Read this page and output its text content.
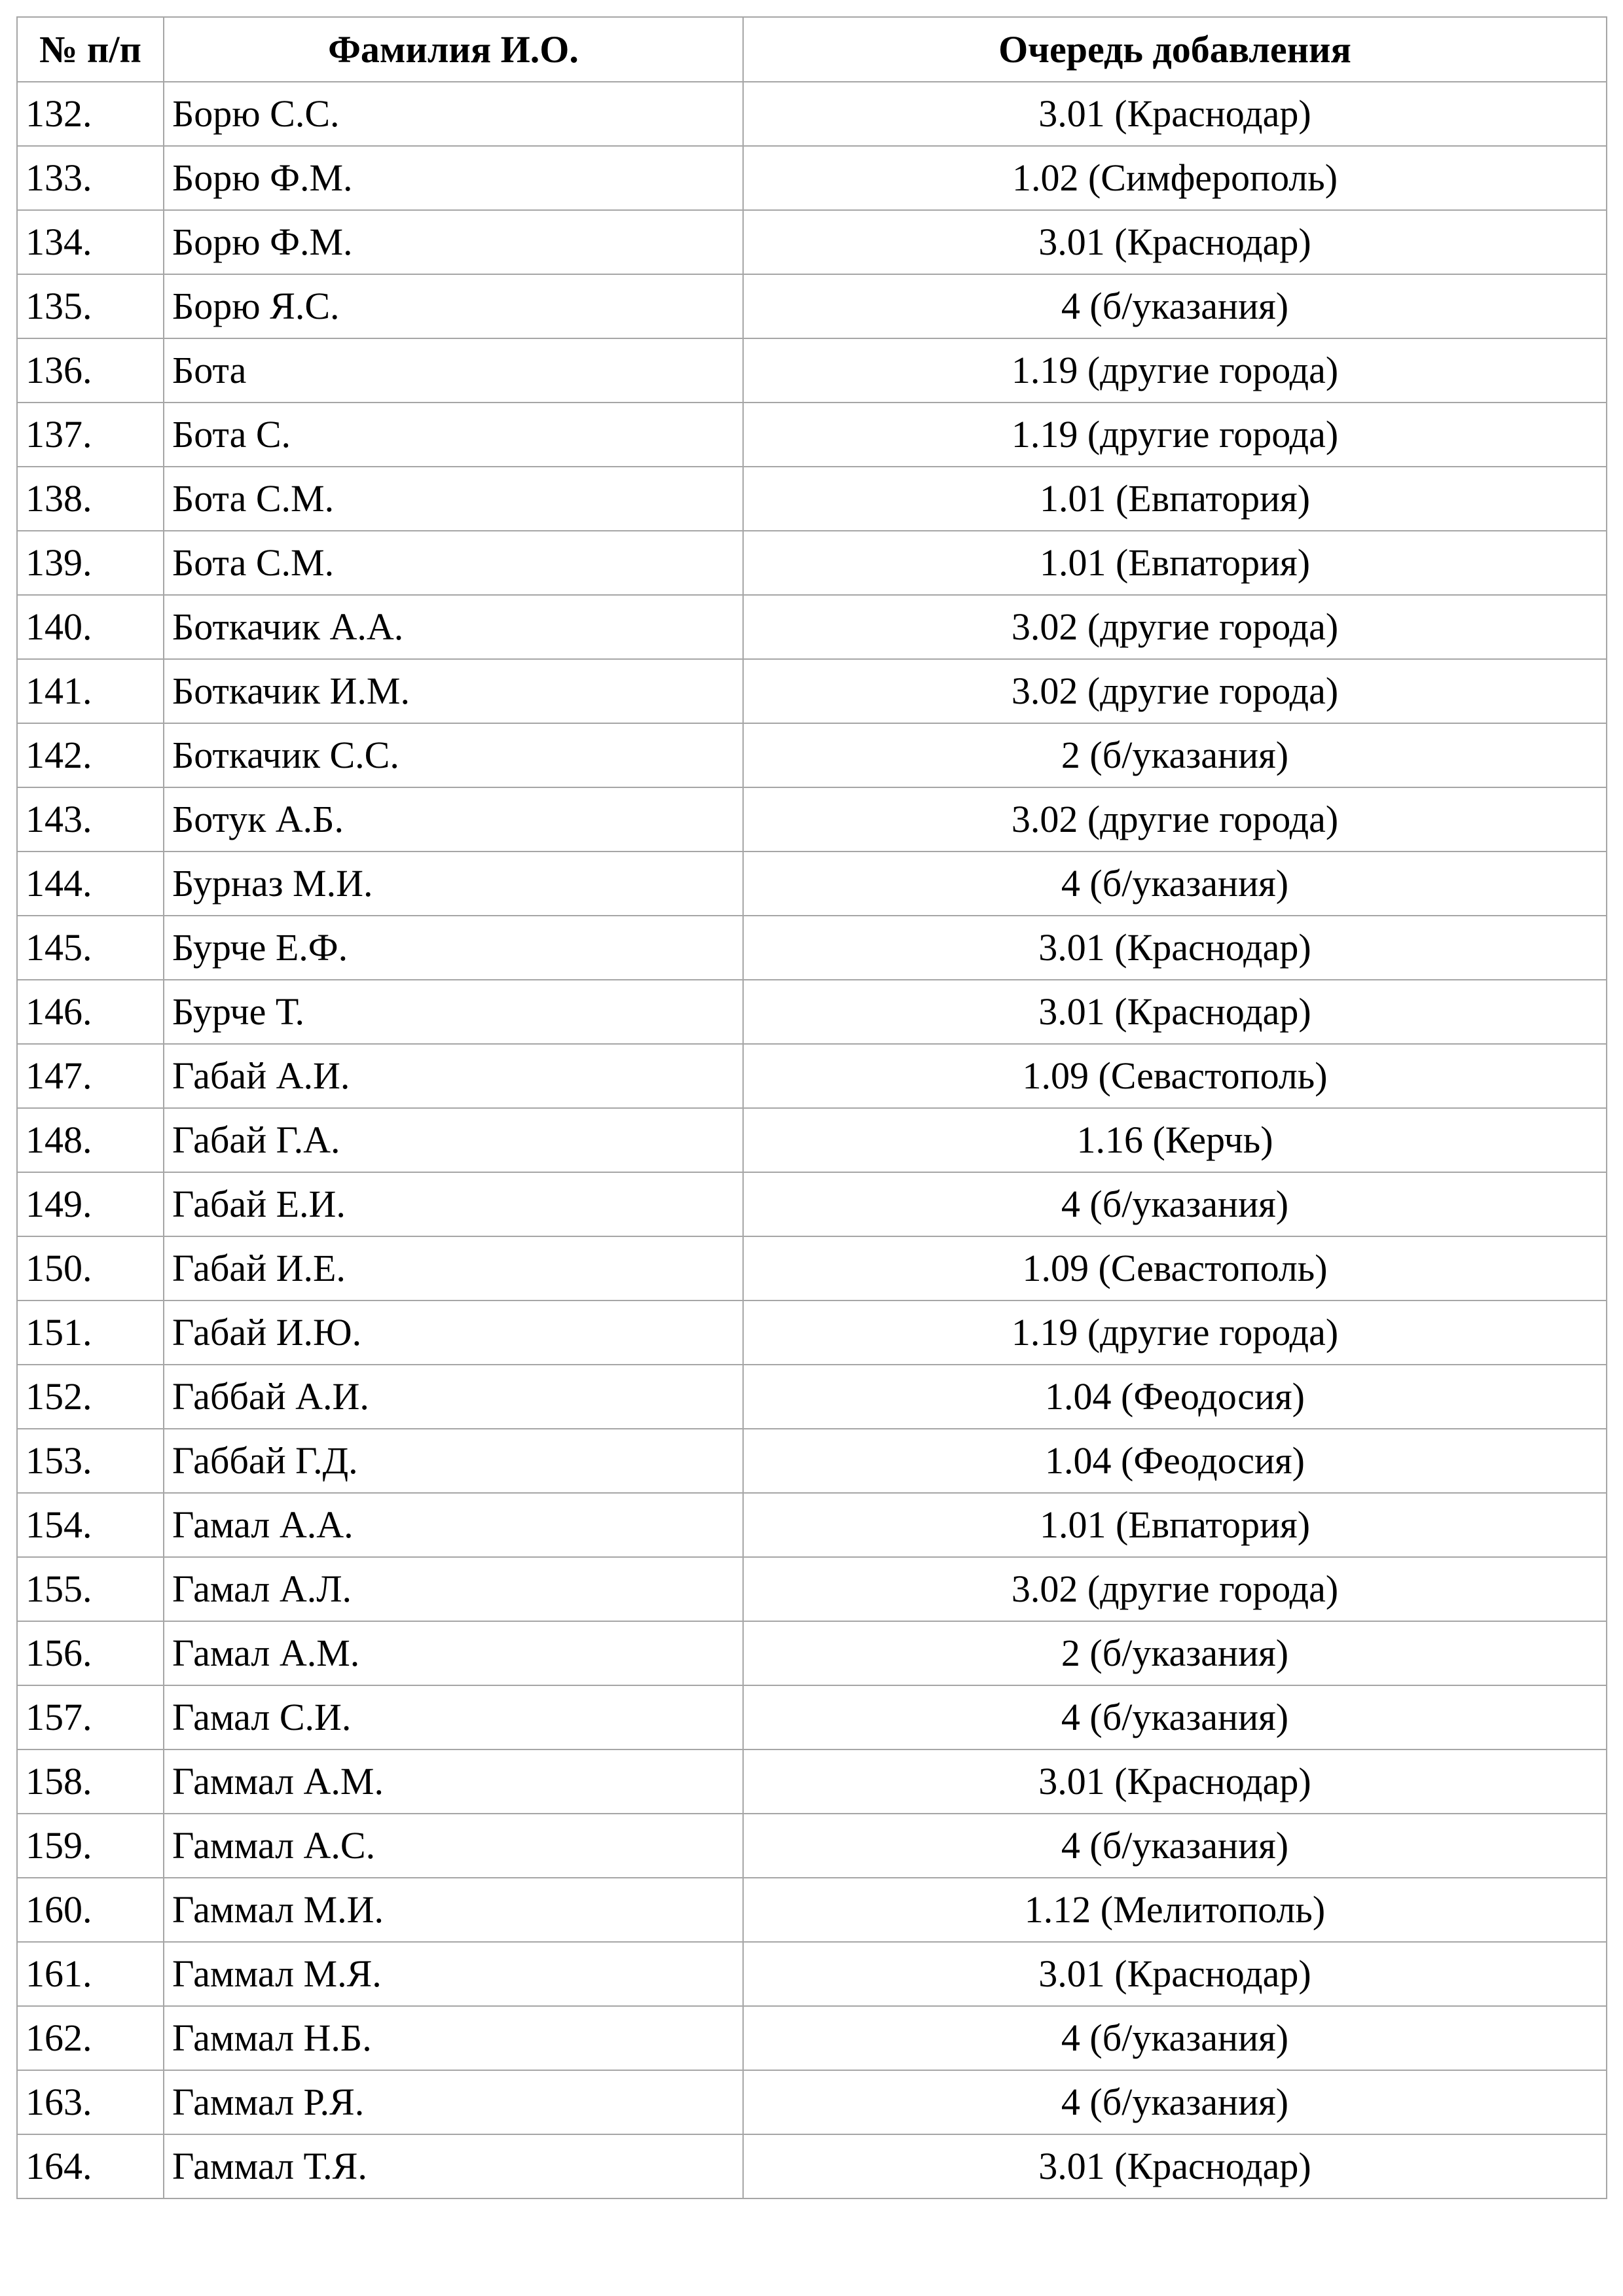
№ п/п	Фамилия И.О.	Очередь добавления
132.	Борю С.С.	3.01 (Краснодар)
133.	Борю Ф.М.	1.02 (Симферополь)
134.	Борю Ф.М.	3.01 (Краснодар)
135.	Борю Я.С.	4 (б/указания)
136.	Бота	1.19 (другие города)
137.	Бота С.	1.19 (другие города)
138.	Бота С.М.	1.01 (Евпатория)
139.	Бота С.М.	1.01 (Евпатория)
140.	Боткачик А.А.	3.02 (другие города)
141.	Боткачик И.М.	3.02 (другие города)
142.	Боткачик С.С.	2 (б/указания)
143.	Ботук А.Б.	3.02 (другие города)
144.	Бурназ М.И.	4 (б/указания)
145.	Бурче Е.Ф.	3.01 (Краснодар)
146.	Бурче Т.	3.01 (Краснодар)
147.	Габай А.И.	1.09 (Севастополь)
148.	Габай Г.А.	1.16 (Керчь)
149.	Габай Е.И.	4 (б/указания)
150.	Габай И.Е.	1.09 (Севастополь)
151.	Габай И.Ю.	1.19 (другие города)
152.	Габбай А.И.	1.04 (Феодосия)
153.	Габбай Г.Д.	1.04 (Феодосия)
154.	Гамал А.А.	1.01 (Евпатория)
155.	Гамал А.Л.	3.02 (другие города)
156.	Гамал А.М.	2 (б/указания)
157.	Гамал С.И.	4 (б/указания)
158.	Гаммал А.М.	3.01 (Краснодар)
159.	Гаммал А.С.	4 (б/указания)
160.	Гаммал М.И.	1.12 (Мелитополь)
161.	Гаммал М.Я.	3.01 (Краснодар)
162.	Гаммал Н.Б.	4 (б/указания)
163.	Гаммал Р.Я.	4 (б/указания)
164.	Гаммал Т.Я.	3.01 (Краснодар)
